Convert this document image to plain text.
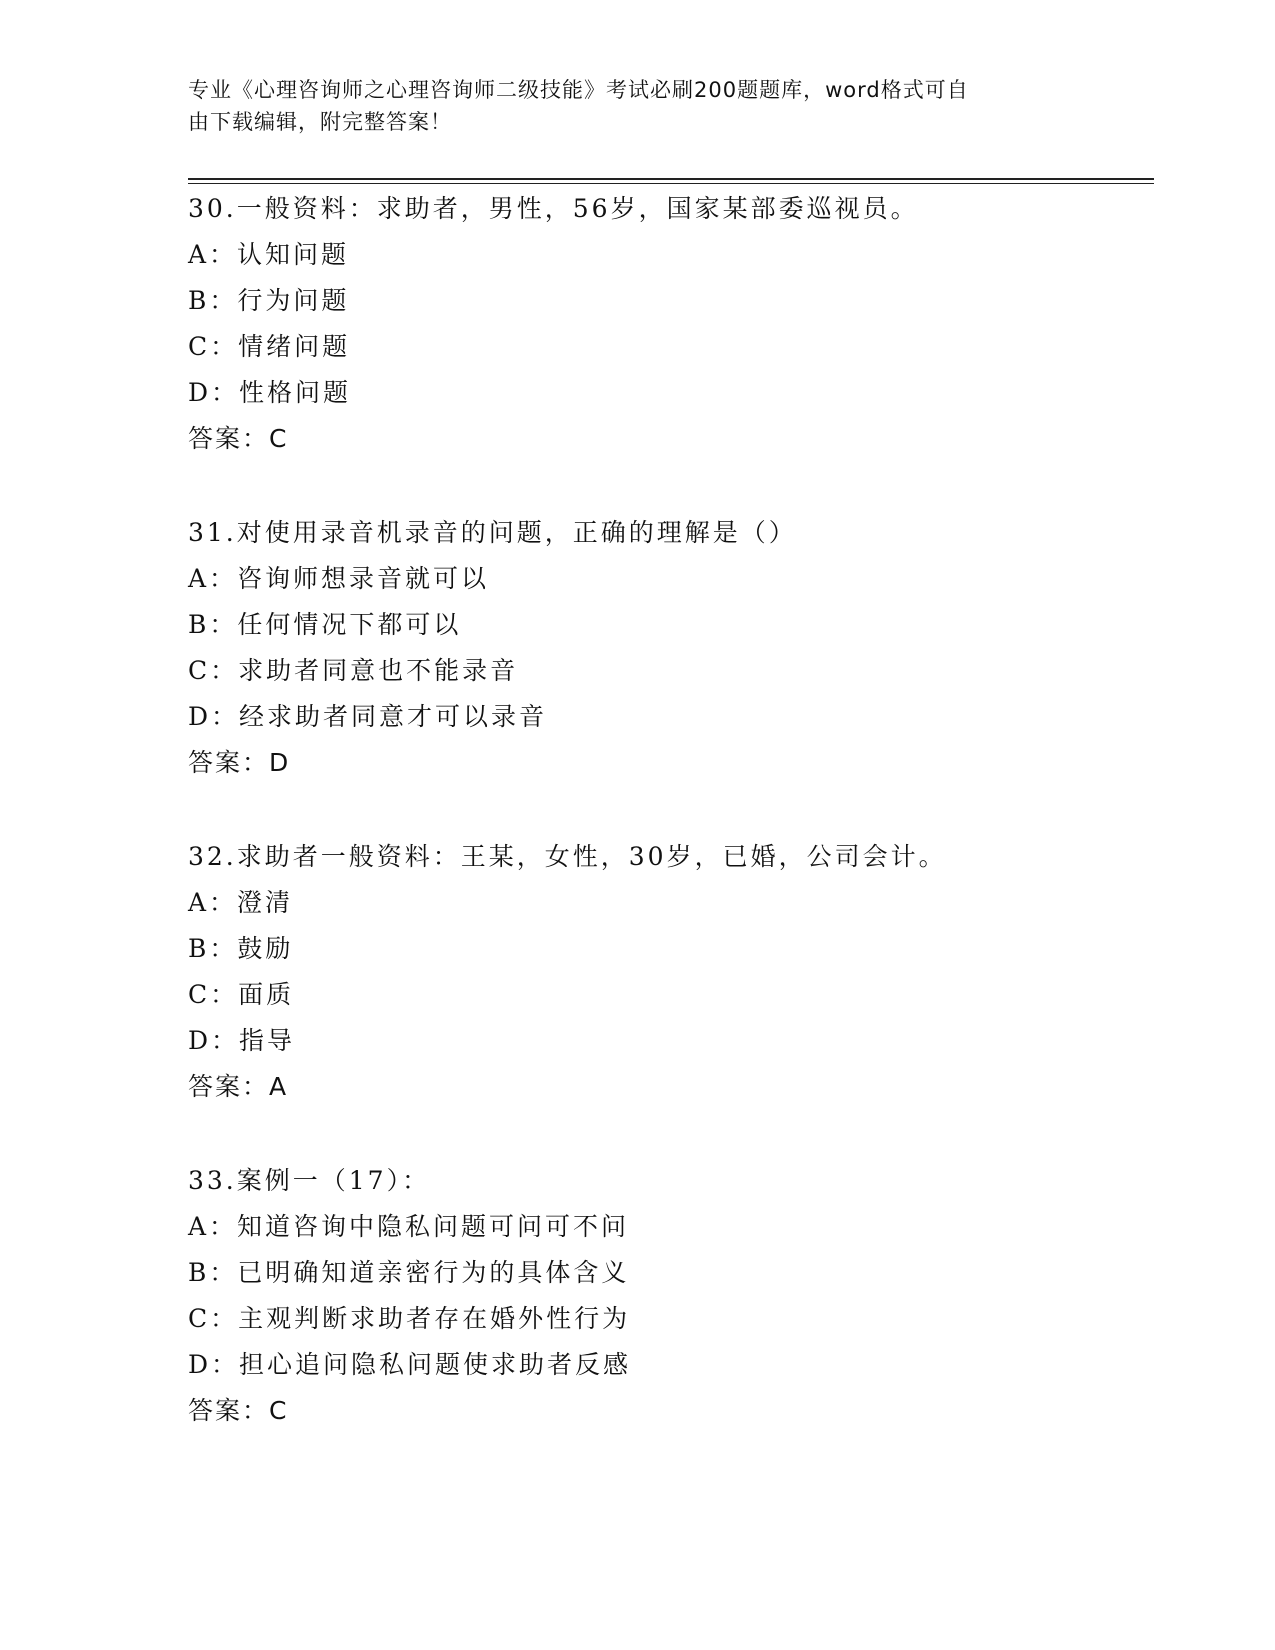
专业《心理咨询师之心理咨询师二级技能》考试必刷200题题库，word格式可自
由下载编辑，附完整答案！
30.一般资料：求助者，男性，56岁，国家某部委巡视员。
A：认知问题
B：行为问题
C：情绪问题
D：性格问题
答案：C
31.对使用录音机录音的问题，正确的理解是（）
A：咨询师想录音就可以
B：任何情况下都可以
C：求助者同意也不能录音
D：经求助者同意才可以录音
答案：D
32.求助者一般资料：王某，女性，30岁，已婚，公司会计。
A：澄清
B：鼓励
C：面质
D：指导
答案：A
33.案例一（17）：
A：知道咨询中隐私问题可问可不问
B：已明确知道亲密行为的具体含义
C：主观判断求助者存在婚外性行为
D：担心追问隐私问题使求助者反感
答案：C
